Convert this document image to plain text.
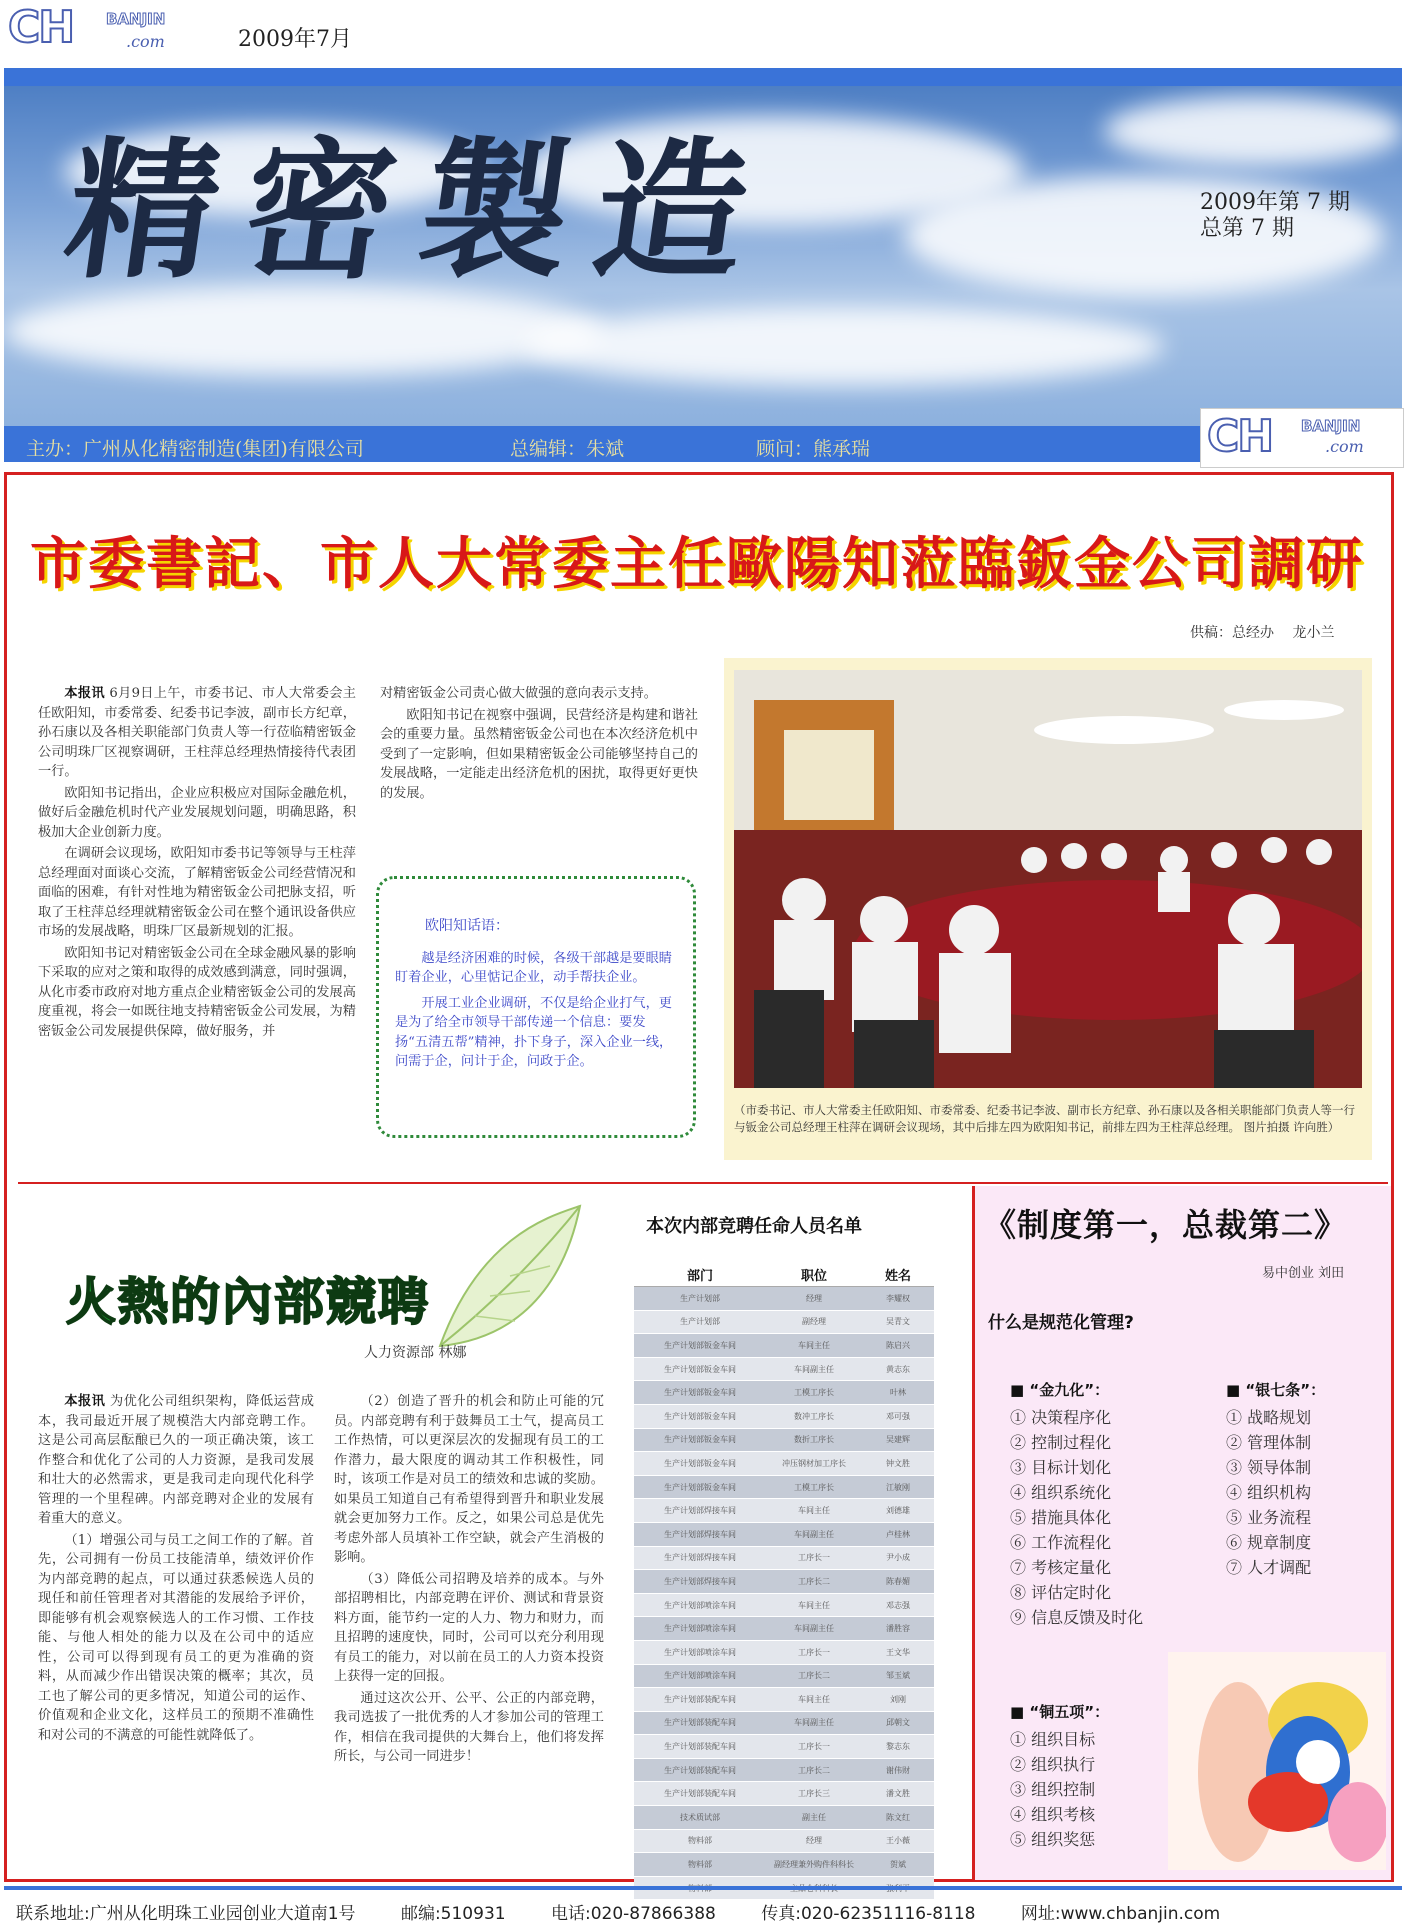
CH BANJIN
.com	2009年7月
精密製造	2009年第 7 期
总第 7 期
主办：广州从化精密制造(集团)有限公司	总编辑：朱斌	顾问：熊承瑞	CH BANJIN
.com
市委書記、市人大常委主任歐陽知蒞臨鈑金公司調研
供稿：总经办 　龙小兰

本报讯 6月9日上午，市委书记、市人大常委会主任欧阳知，市委常委、纪委书记李波，副市长方纪章，孙石康以及各相关职能部门负责人等一行莅临精密钣金公司明珠厂区视察调研，王柱萍总经理热情接待代表团一行。

欧阳知书记指出，企业应积极应对国际金融危机，做好后金融危机时代产业发展规划问题，明确思路，积极加大企业创新力度。

在调研会议现场，欧阳知市委书记等领导与王柱萍总经理面对面谈心交流，了解精密钣金公司经营情况和面临的困难，有针对性地为精密钣金公司把脉支招，听取了王柱萍总经理就精密钣金公司在整个通讯设备供应市场的发展战略，明珠厂区最新规划的汇报。

欧阳知书记对精密钣金公司在全球金融风暴的影响下采取的应对之策和取得的成效感到满意，同时强调，从化市委市政府对地方重点企业精密钣金公司的发展高度重视，将会一如既往地支持精密钣金公司发展，为精密钣金公司发展提供保障，做好服务，并

对精密钣金公司责心做大做强的意向表示支持。

欧阳知书记在视察中强调，民营经济是构建和谐社会的重要力量。虽然精密钣金公司也在本次经济危机中受到了一定影响，但如果精密钣金公司能够坚持自己的发展战略，一定能走出经济危机的困扰，取得更好更快的发展。

欧阳知话语：

越是经济困难的时候，各级干部越是要眼睛盯着企业，心里惦记企业，动手帮扶企业。

开展工业企业调研，不仅是给企业打气，更是为了给全市领导干部传递一个信息：要发扬“五清五帮”精神，扑下身子，深入企业一线，问需于企，问计于企，问政于企。

（市委书记、市人大常委主任欧阳知、市委常委、纪委书记李波、副市长方纪章、孙石康以及各相关职能部门负责人等一行与钣金公司总经理王柱萍在调研会议现场，其中后排左四为欧阳知书记，前排左四为王柱萍总经理。 图片拍摄 许向胜）
火熱的內部競聘
人力资源部 林娜

本报讯 为优化公司组织架构，降低运营成本，我司最近开展了规模浩大内部竞聘工作。这是公司高层酝酿已久的一项正确决策，该工作整合和优化了公司的人力资源，是我司发展和壮大的必然需求，更是我司走向现代化科学管理的一个里程碑。内部竞聘对企业的发展有着重大的意义。

（1）增强公司与员工之间工作的了解。首先，公司拥有一份员工技能清单，绩效评价作为内部竞聘的起点，可以通过获悉候选人员的现任和前任管理者对其潜能的发展给予评价，即能够有机会观察候选人的工作习惯、工作技能、与他人相处的能力以及在公司中的适应性，公司可以得到现有员工的更为准确的资料，从而减少作出错误决策的概率；其次，员工也了解公司的更多情况，知道公司的运作、价值观和企业文化，这样员工的预期不准确性和对公司的不满意的可能性就降低了。

（2）创造了晋升的机会和防止可能的冗员。内部竞聘有利于鼓舞员工士气，提高员工工作热情，可以更深层次的发掘现有员工的工作潜力，最大限度的调动其工作积极性，同时，该项工作是对员工的绩效和忠诚的奖励。如果员工知道自己有希望得到晋升和职业发展就会更加努力工作。反之，如果公司总是优先考虑外部人员填补工作空缺，就会产生消极的影响。

（3）降低公司招聘及培养的成本。与外部招聘相比，内部竞聘在评价、测试和背景资料方面，能节约一定的人力、物力和财力，而且招聘的速度快，同时，公司可以充分利用现有员工的能力，对以前在员工的人力资本投资上获得一定的回报。

通过这次公开、公平、公正的内部竞聘，我司选拔了一批优秀的人才参加公司的管理工作，相信在我司提供的大舞台上，他们将发挥所长，与公司一同进步！

本次内部竞聘任命人员名单
部门	职位	姓名
生产计划部	经理	李耀权
生产计划部	副经理	吴青文
生产计划部钣金车间	车间主任	陈启兴
生产计划部钣金车间	车间副主任	黄志东
生产计划部钣金车间	工模工序长	叶林
生产计划部钣金车间	数冲工序长	邓可强
生产计划部钣金车间	数折工序长	吴建辉
生产计划部钣金车间	冲压钢材加工序长	钟文胜
生产计划部钣金车间	工模工序长	江敏刚
生产计划部焊接车间	车间主任	刘德雄
生产计划部焊接车间	车间副主任	卢桂林
生产计划部焊接车间	工序长一	尹小成
生产计划部焊接车间	工序长二	陈春媚
生产计划部喷涂车间	车间主任	邓志强
生产计划部喷涂车间	车间副主任	潘胜容
生产计划部喷涂车间	工序长一	王文华
生产计划部喷涂车间	工序长二	邹玉斌
生产计划部装配车间	车间主任	刘刚
生产计划部装配车间	车间副主任	邱朝文
生产计划部装配车间	工序长一	黎志东
生产计划部装配车间	工序长二	谢伟财
生产计划部装配车间	工序长三	潘文胜
技术质试部	副主任	陈文红
物料部	经理	王小薇
物料部	副经理兼外购件科科长	贺斌

《制度第一，总裁第二》
易中创业 刘田
什么是规范化管理?
■ “金九化”：
① 决策程序化
② 控制过程化
③ 目标计划化
④ 组织系统化
⑤ 措施具体化
⑥ 工作流程化
⑦ 考核定量化
⑧ 评估定时化
⑨ 信息反馈及时化
■ “银七条”：
① 战略规划
② 管理体制
③ 领导体制
④ 组织机构
⑤ 业务流程
⑥ 规章制度
⑦ 人才调配
■ “铜五项”：
① 组织目标
② 组织执行
③ 组织控制
④ 组织考核
⑤ 组织奖惩
联系地址:广州从化明珠工业园创业大道南1号	邮编:510931	电话:020-87866388	传真:020-62351116-8118	网址:www.chbanjin.com
